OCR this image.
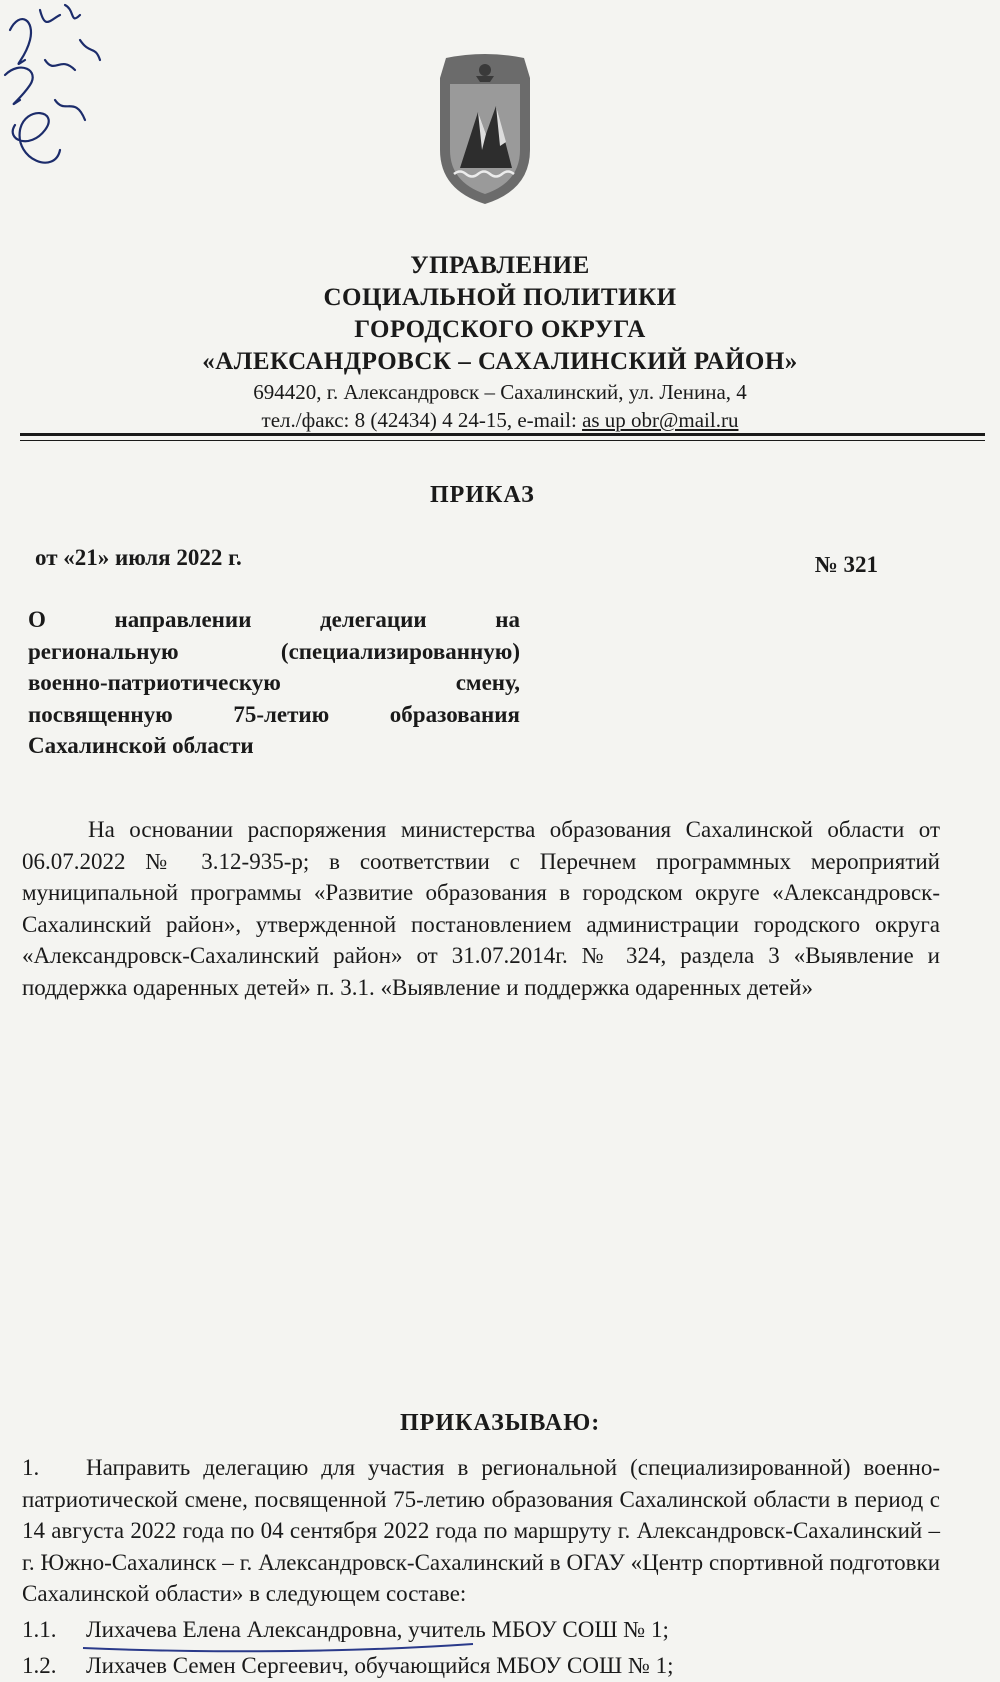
УПРАВЛЕНИЕ
СОЦИАЛЬНОЙ ПОЛИТИКИ
ГОРОДСКОГО ОКРУГА
«АЛЕКСАНДРОВСК – САХАЛИНСКИЙ РАЙОН»
694420, г. Александровск – Сахалинский, ул. Ленина, 4
тел./факс: 8 (42434) 4 24-15, e-mail: as up obr@mail.ru
ПРИКАЗ
от «21» июля 2022 г.	№ 321
О направлении делегации на
региональную (специализированную)
военно-патриотическую смену,
посвященную 75-летию образования
Сахалинской области
На основании распоряжения министерства образования Сахалинской области от 06.07.2022 № 3.12-935-р; в соответствии с Перечнем программных мероприятий муниципальной программы «Развитие образования в городском округе «Александровск-Сахалинский район», утвержденной постановлением администрации городского округа «Александровск-Сахалинский район» от 31.07.2014г. № 324, раздела 3 «Выявление и поддержка одаренных детей» п. 3.1. «Выявление и поддержка одаренных детей»
ПРИКАЗЫВАЮ:
1. Направить делегацию для участия в региональной (специализированной) военно-патриотической смене, посвященной 75-летию образования Сахалинской области в период с 14 августа 2022 года по 04 сентября 2022 года по маршруту г. Александровск-Сахалинский – г. Южно-Сахалинск – г. Александровск-Сахалинский в ОГАУ «Центр спортивной подготовки Сахалинской области» в следующем составе:
1.1. Лихачева Елена Александровна, учитель МБОУ СОШ № 1;
1.2. Лихачев Семен Сергеевич, обучающийся МБОУ СОШ № 1;
